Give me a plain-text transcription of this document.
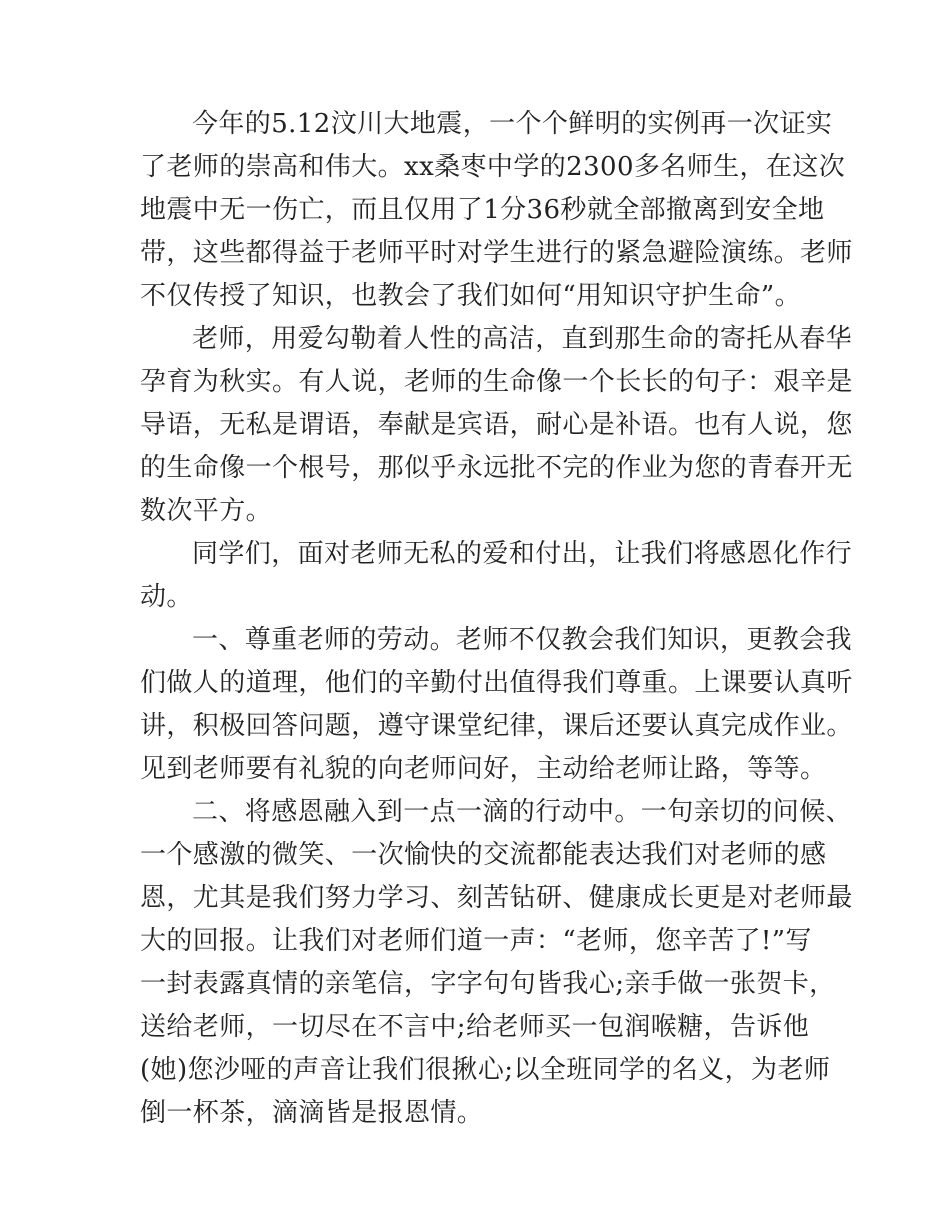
今年的5.12汶川大地震，一个个鲜明的实例再一次证实
了老师的崇高和伟大。xx桑枣中学的2300多名师生，在这次
地震中无一伤亡，而且仅用了1分36秒就全部撤离到安全地
带，这些都得益于老师平时对学生进行的紧急避险演练。老师
不仅传授了知识，也教会了我们如何“用知识守护生命”。
老师，用爱勾勒着人性的高洁，直到那生命的寄托从春华
孕育为秋实。有人说，老师的生命像一个长长的句子：艰辛是
导语，无私是谓语，奉献是宾语，耐心是补语。也有人说，您
的生命像一个根号，那似乎永远批不完的作业为您的青春开无
数次平方。
同学们，面对老师无私的爱和付出，让我们将感恩化作行
动。
一、尊重老师的劳动。老师不仅教会我们知识，更教会我
们做人的道理，他们的辛勤付出值得我们尊重。上课要认真听
讲，积极回答问题，遵守课堂纪律，课后还要认真完成作业。
见到老师要有礼貌的向老师问好，主动给老师让路，等等。
二、将感恩融入到一点一滴的行动中。一句亲切的问候、
一个感激的微笑、一次愉快的交流都能表达我们对老师的感
恩，尤其是我们努力学习、刻苦钻研、健康成长更是对老师最
大的回报。让我们对老师们道一声：“老师，您辛苦了!”写
一封表露真情的亲笔信，字字句句皆我心;亲手做一张贺卡，
送给老师，一切尽在不言中;给老师买一包润喉糖，告诉他
(她)您沙哑的声音让我们很揪心;以全班同学的名义，为老师
倒一杯茶，滴滴皆是报恩情。
